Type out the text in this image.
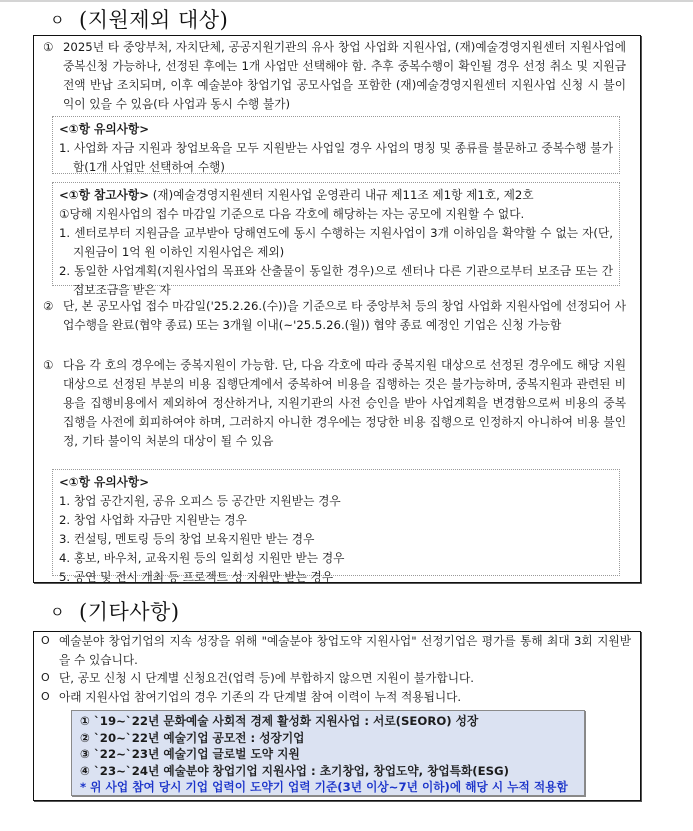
ㅇ (지원제외 대상)
① 2025년 타 중앙부처, 자치단체, 공공지원기관의 유사 창업 사업화 지원사업, (재)예술경영지원센터 지원사업에 중복신청 가능하나, 선정된 후에는 1개 사업만 선택해야 함. 추후 중복수행이 확인될 경우 선정 취소 및 지원금 전액 반납 조치되며, 이후 예술분야 창업기업 공모사업을 포함한 (재)예술경영지원센터 지원사업 신청 시 불이익이 있을 수 있음(타 사업과 동시 수행 불가)
<①항 유의사항>
1. 사업화 자금 지원과 창업보육을 모두 지원받는 사업일 경우 사업의 명칭 및 종류를 불문하고 중복수행 불가함(1개 사업만 선택하여 수행)
<①항 참고사항> (재)예술경영지원센터 지원사업 운영관리 내규 제11조 제1항 제1호, 제2호
①당해 지원사업의 접수 마감일 기준으로 다음 각호에 해당하는 자는 공모에 지원할 수 없다.
1. 센터로부터 지원금을 교부받아 당해연도에 동시 수행하는 지원사업이 3개 이하임을 확약할 수 없는 자(단, 지원금이 1억 원 이하인 지원사업은 제외)
2. 동일한 사업계획(지원사업의 목표와 산출물이 동일한 경우)으로 센터나 다른 기관으로부터 보조금 또는 간접보조금을 받은 자
② 단, 본 공모사업 접수 마감일('25.2.26.(수))을 기준으로 타 중앙부처 등의 창업 사업화 지원사업에 선정되어 사업수행을 완료(협약 종료) 또는 3개월 이내(~'25.5.26.(월)) 협약 종료 예정인 기업은 신청 가능함
① 다음 각 호의 경우에는 중복지원이 가능함. 단, 다음 각호에 따라 중복지원 대상으로 선정된 경우에도 해당 지원대상으로 선정된 부분의 비용 집행단계에서 중복하여 비용을 집행하는 것은 불가능하며, 중복지원과 관련된 비용을 집행비용에서 제외하여 정산하거나, 지원기관의 사전 승인을 받아 사업계획을 변경함으로써 비용의 중복집행을 사전에 회피하여야 하며, 그러하지 아니한 경우에는 정당한 비용 집행으로 인정하지 아니하여 비용 불인정, 기타 불이익 처분의 대상이 될 수 있음
<①항 유의사항>
1. 창업 공간지원, 공유 오피스 등 공간만 지원받는 경우
2. 창업 사업화 자금만 지원받는 경우
3. 컨설팅, 멘토링 등의 창업 보육지원만 받는 경우
4. 홍보, 바우처, 교육지원 등의 일회성 지원만 받는 경우
5. 공연 및 전시 개최 등 프로젝트 성 지원만 받는 경우
ㅇ (기타사항)
O 예술분야 창업기업의 지속 성장을 위해 "예술분야 창업도약 지원사업" 선정기업은 평가를 통해 최대 3회 지원받을 수 있습니다.
O 단, 공모 신청 시 단계별 신청요건(업력 등)에 부합하지 않으면 지원이 불가합니다.
O 아래 지원사업 참여기업의 경우 기존의 각 단계별 참여 이력이 누적 적용됩니다.
① `19~`22년 문화예술 사회적 경제 활성화 지원사업 : 서로(SEORO) 성장
② `20~`22년 예술기업 공모전 : 성장기업
③ `22~`23년 예술기업 글로벌 도약 지원
④ `23~`24년 예술분야 창업기업 지원사업 : 초기창업, 창업도약, 창업특화(ESG)
* 위 사업 참여 당시 기업 업력이 도약기 업력 기준(3년 이상~7년 이하)에 해당 시 누적 적용함
